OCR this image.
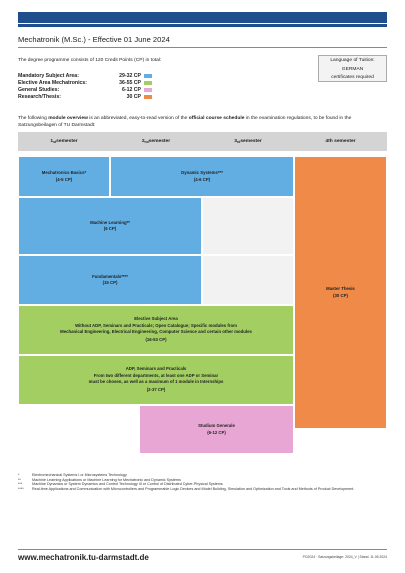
Mechatronik (M.Sc.) - Effective 01 June 2024
The degree programme consists of 120 Credit Points (CP) in total:	Language of Tuition:
GERMAN
certificates required
Mandatory Subject Area:	29-32 CP
Elective Area Mechatronics:	36-55 CP
General Studies:	6-12 CP
Research/Thesis:	30 CP
The following module overview is an abbreviated, easy-to-read version of the official course schedule in the examination regulations, to be found in the Satzungsbeilagen of TU Darmstadt:
1 st semester	2 nd semester	3 rd semester	4th semester
Mechatronics Basics*
(4-5 CP)
Dynamic Systems***
(4-6 CP)
Machine Learning**
(6 CP)
Fundamentals****
(15 CP)
Master Thesis
(30 CP)
Elective Subject Area
Without ADP, Seminars and Practicals; Open Catalogue; Specific modules from
Mechanical Engineering, Electrical Engineering, Computer Science and certain other modules
(16-53 CP)
ADP, Seminars and Practicals
From two different departments, at least one ADP or Seminar
must be chosen, as well as a maximum of 1 module in Internships
(2-37 CP)
Studium Generale
(6-12 CP)
*	Electromechanical Systems I or Microsystems Technology
**	Machine Learning Applications or Machine Learning for Mechatronic and Dynamic Systems
***	Machine Dynamics or System Dynamics and Control Technology III or Control of Distributed Cyber-Physical Systems
****	Real-time Applications and Communication with Microcontrollers and Programmable Logic Devices and Model Building, Simulation and Optimization and Tools and Methods of Product Development.
www.mechatronik.tu-darmstadt.de	PO2024 · Satzungsbeilage: 2024_V | Stand: 11.05.2024
